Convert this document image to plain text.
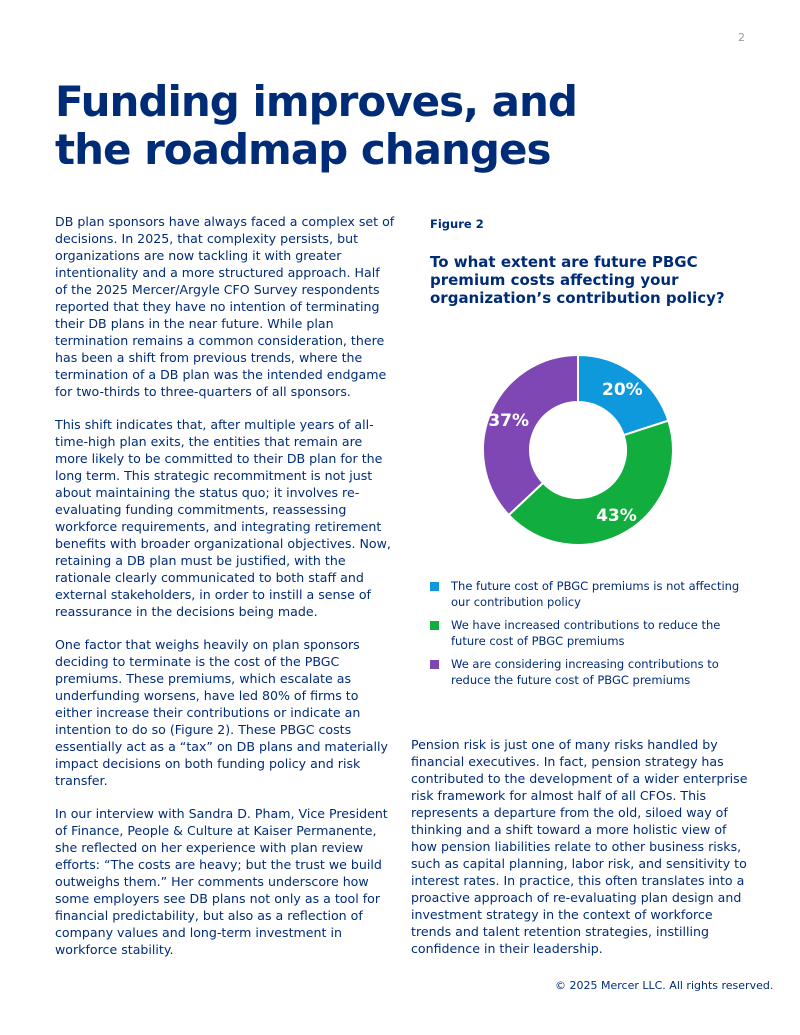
2
Funding improves, and the roadmap changes

DB plan sponsors have always faced a complex set of decisions. In 2025, that complexity persists, but organizations are now tackling it with greater intentionality and a more structured approach. Half of the 2025 Mercer/Argyle CFO Survey respondents reported that they have no intention of terminating their DB plans in the near future. While plan termination remains a common consideration, there has been a shift from previous trends, where the termination of a DB plan was the intended endgame for two-thirds to three-quarters of all sponsors.

This shift indicates that, after multiple years of all-time-high plan exits, the entities that remain are more likely to be committed to their DB plan for the long term. This strategic recommitment is not just about maintaining the status quo; it involves re-evaluating funding commitments, reassessing workforce requirements, and integrating retirement benefits with broader organizational objectives. Now, retaining a DB plan must be justified, with the rationale clearly communicated to both staff and external stakeholders, in order to instill a sense of reassurance in the decisions being made.

One factor that weighs heavily on plan sponsors deciding to terminate is the cost of the PBGC premiums. These premiums, which escalate as underfunding worsens, have led 80% of firms to either increase their contributions or indicate an intention to do so (Figure 2). These PBGC costs essentially act as a “tax” on DB plans and materially impact decisions on both funding policy and risk transfer.

In our interview with Sandra D. Pham, Vice President of Finance, People & Culture at Kaiser Permanente, she reflected on her experience with plan review efforts: “The costs are heavy; but the trust we build outweighs them.” Her comments underscore how some employers see DB plans not only as a tool for financial predictability, but also as a reflection of company values and long-term investment in workforce stability.

Figure 2
To what extent are future PBGC premium costs affecting your organization’s contribution policy?
20%
43%
37%
The future cost of PBGC premiums is not affecting our contribution policy
We have increased contributions to reduce the future cost of PBGC premiums
We are considering increasing contributions to reduce the future cost of PBGC premiums

Pension risk is just one of many risks handled by financial executives. In fact, pension strategy has contributed to the development of a wider enterprise risk framework for almost half of all CFOs. This represents a departure from the old, siloed way of thinking and a shift toward a more holistic view of how pension liabilities relate to other business risks, such as capital planning, labor risk, and sensitivity to interest rates. In practice, this often translates into a proactive approach of re-evaluating plan design and investment strategy in the context of workforce trends and talent retention strategies, instilling confidence in their leadership.

© 2025 Mercer LLC. All rights reserved.
